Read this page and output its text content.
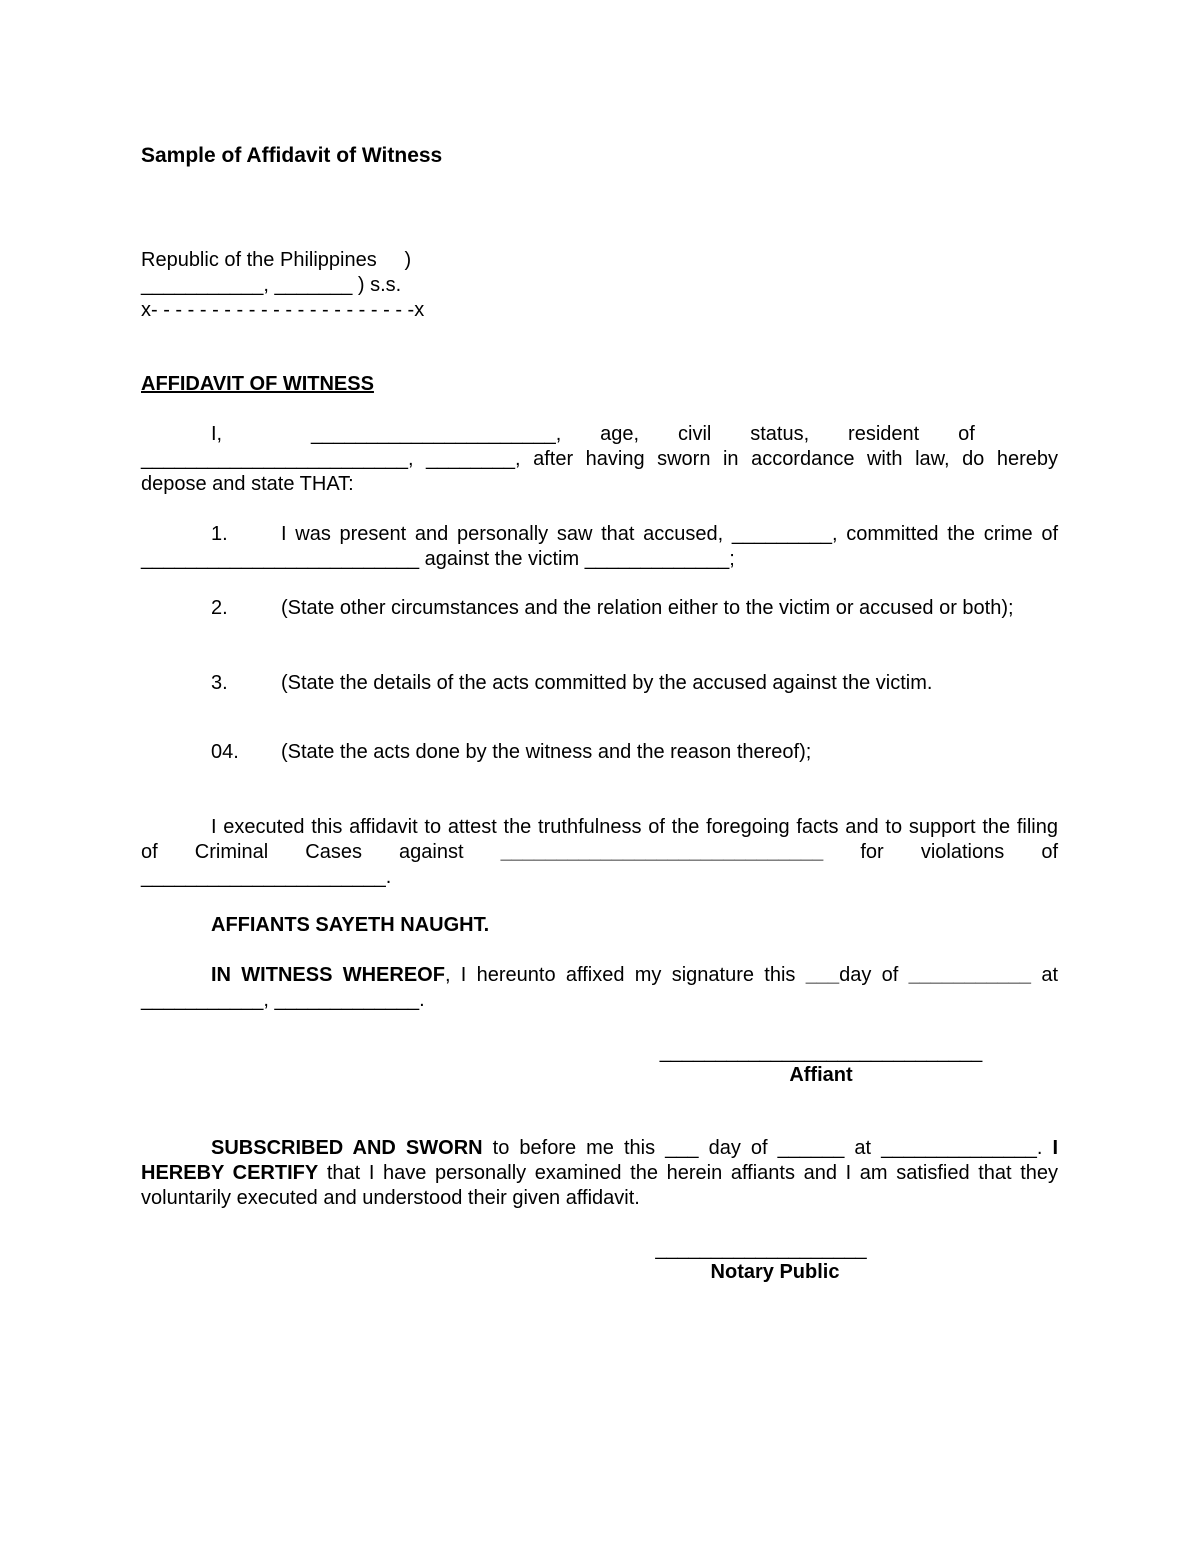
Sample of Affidavit of Witness

Republic of the Philippines     )
___________, _______ ) s.s.
x- - - - - - - - - - - - - - - - - - - - - -x

AFFIDAVIT OF WITNESS

I,                ______________________,       age,       civil       status,       resident       of
________________________, ________, after having sworn in accordance with law, do hereby depose and state THAT:

1.	I was present and personally saw that accused, _________, committed the crime of _________________________ against the victim _____________;

2.	(State other circumstances and the relation either to the victim or accused or both);

3.	(State the details of the acts committed by the accused against the victim.

04. (State the acts done by the witness and the reason thereof);

I executed this affidavit to attest the truthfulness of the foregoing facts and to support the filing of Criminal Cases against _____________________________ for violations of ______________________.

AFFIANTS SAYETH NAUGHT.

IN WITNESS WHEREOF, I hereunto affixed my signature this ___day of ___________ at ___________, _____________.

_____________________________
Affiant

SUBSCRIBED AND SWORN to before me this ___ day of ______ at ______________. I HEREBY CERTIFY that I have personally examined the herein affiants and I am satisfied that they voluntarily executed and understood their given affidavit.

___________________
Notary Public
